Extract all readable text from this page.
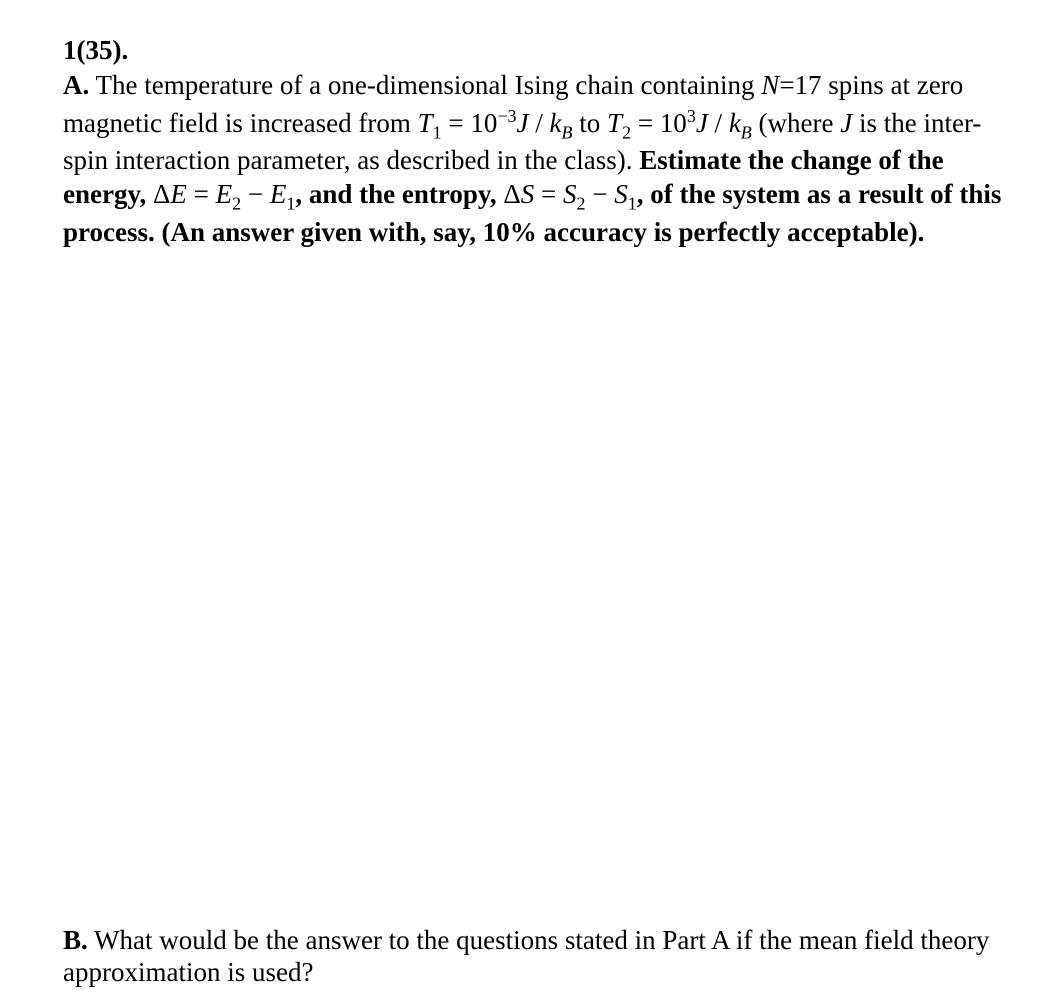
1(35).
A. The temperature of a one-dimensional Ising chain containing N=17 spins at zero
magnetic field is increased from $T_1 = 10^{-3}J / k_B$ to $T_2 = 10^3J / k_B$ (where J is the inter-
spin interaction parameter, as described in the class). Estimate the change of the
energy, $\Delta E = E_2 - E_1$, and the entropy, $\Delta S = S_2 - S_1$, of the system as a result of this
process. (An answer given with, say, 10% accuracy is perfectly acceptable).
B. What would be the answer to the questions stated in Part A if the mean field theory approximation is used?
